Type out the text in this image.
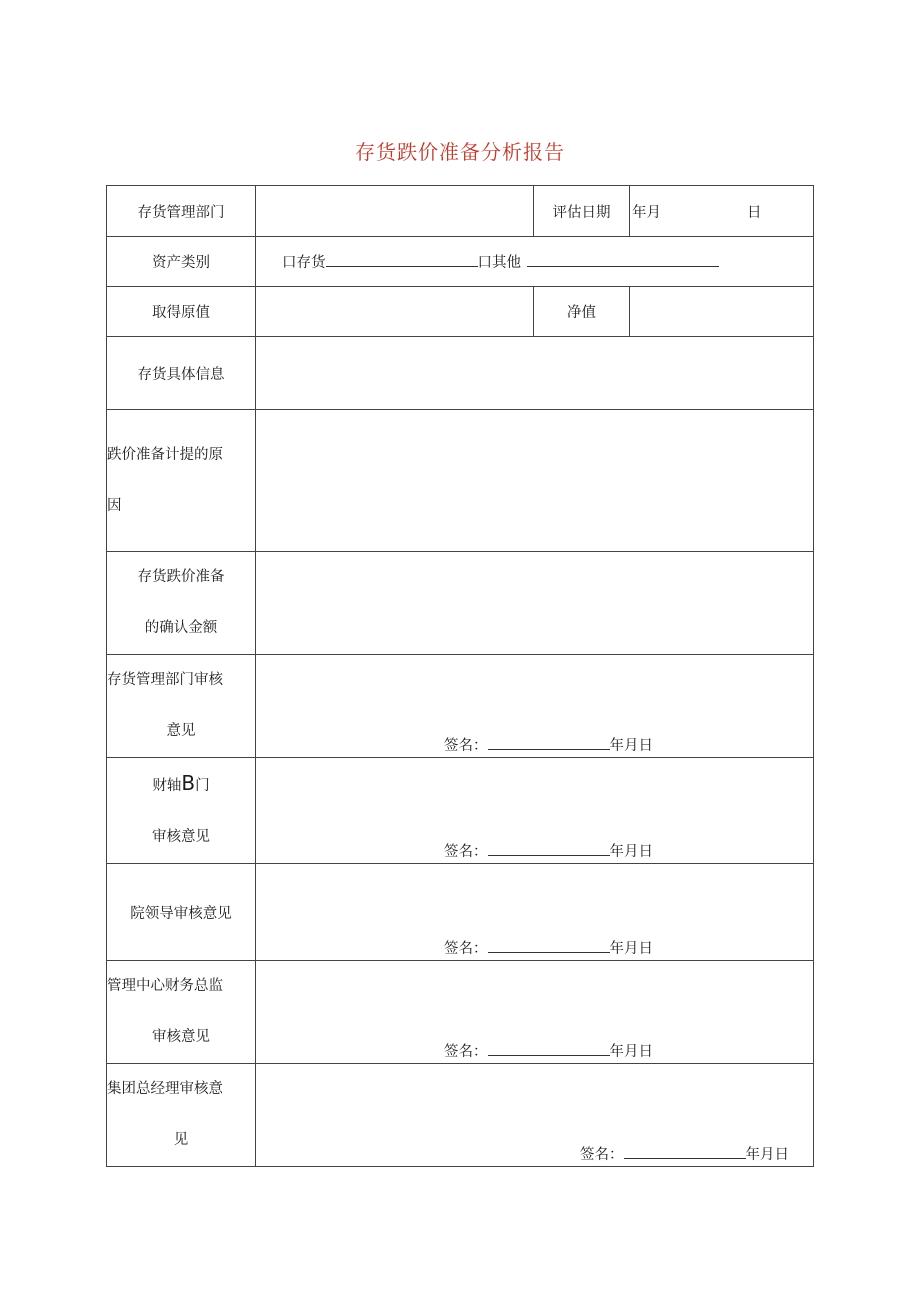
存货跌价准备分析报告
存货管理部门		评估日期	年月 日
资产类别	口存货 口其他		
取得原值		净值	
存货具体信息			

跌价准备计提的原
因			

存货跌价准备
的确认金额			

存货管理部门审核
意见	签名： 年月日		

财轴B门
审核意见	签名： 年月日		

院领导审核意见	签名： 年月日		

管理中心财务总监
审核意见	签名： 年月日		

集团总经理审核意
见	签名： 年月日		
